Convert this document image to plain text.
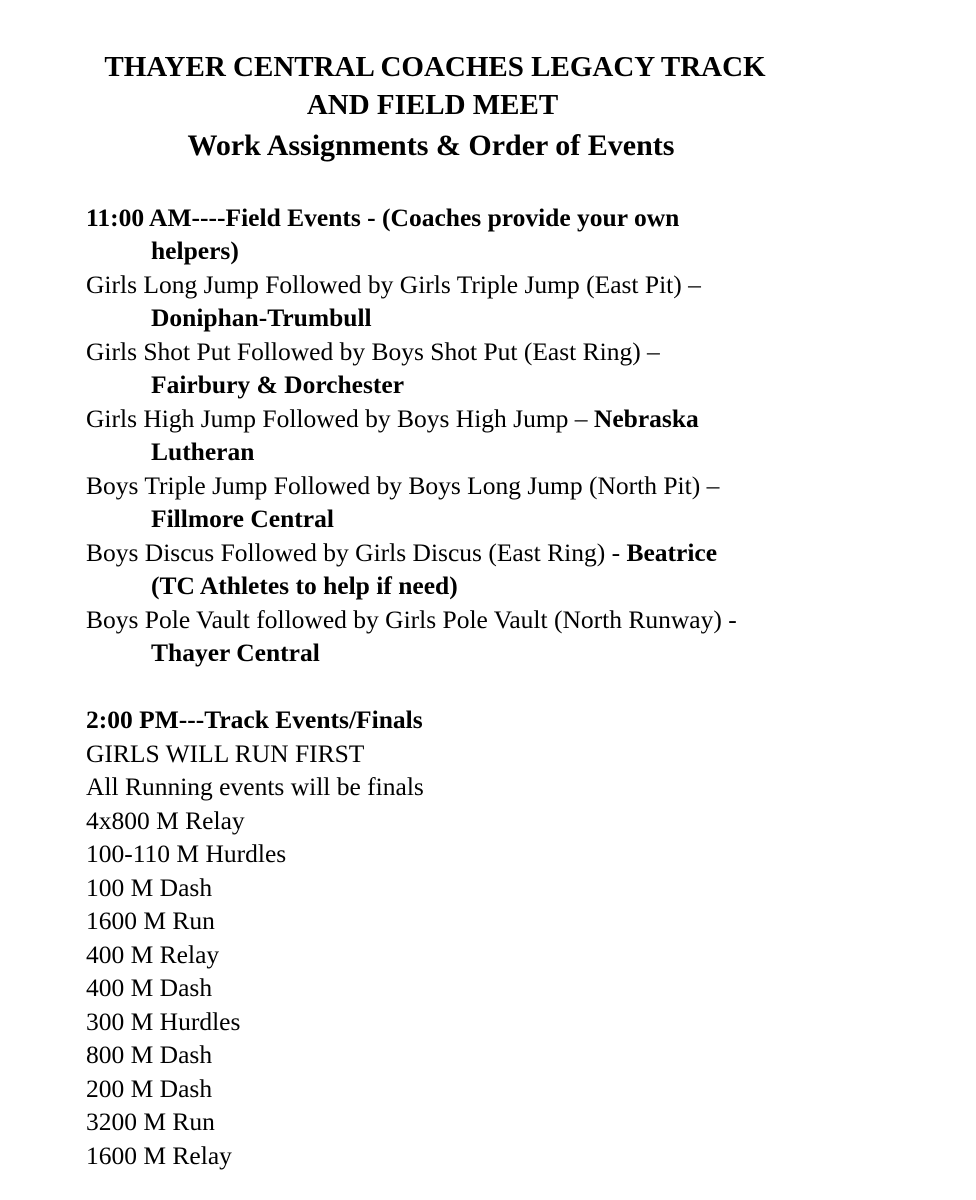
THAYER CENTRAL COACHES LEGACY TRACK
AND FIELD MEET
Work Assignments & Order of Events
11:00 AM----Field Events - (Coaches provide your own
helpers)
Girls Long Jump Followed by Girls Triple Jump (East Pit) –
Doniphan-Trumbull
Girls Shot Put Followed by Boys Shot Put (East Ring) –
Fairbury & Dorchester
Girls High Jump Followed by Boys High Jump – Nebraska
Lutheran
Boys Triple Jump Followed by Boys Long Jump (North Pit) –
Fillmore Central
Boys Discus Followed by Girls Discus (East Ring) - Beatrice
(TC Athletes to help if need)
Boys Pole Vault followed by Girls Pole Vault (North Runway) -
Thayer Central
2:00 PM---Track Events/Finals
GIRLS WILL RUN FIRST
All Running events will be finals
4x800 M Relay
100-110 M Hurdles
100 M Dash
1600 M Run
400 M Relay
400 M Dash
300 M Hurdles
800 M Dash
200 M Dash
3200 M Run
1600 M Relay
